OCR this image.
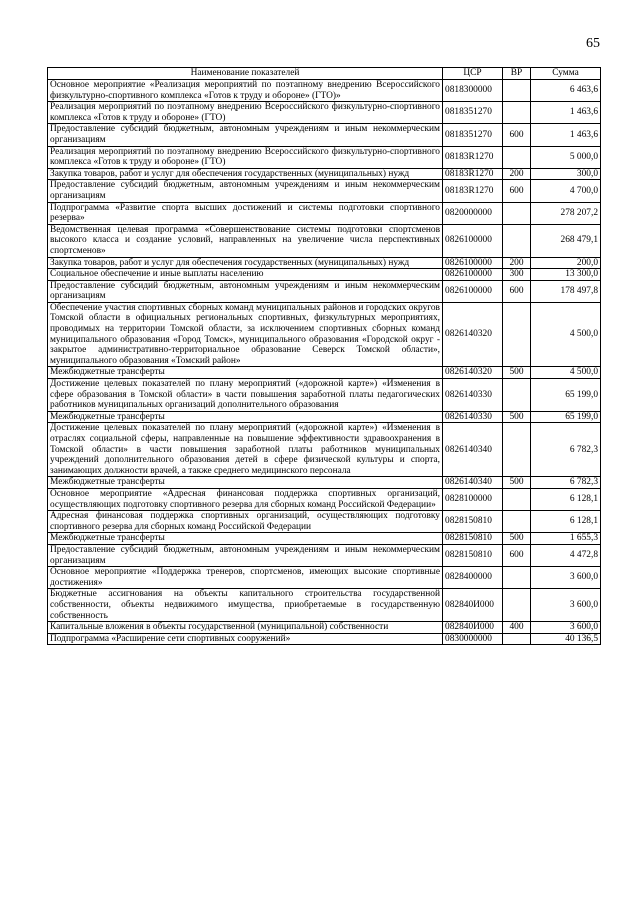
65
Наименование показателей	ЦСР	ВР	Сумма
Основное мероприятие «Реализация мероприятий по поэтапному внедрению Всероссийского физкультурно-спортивного комплекса «Готов к труду и обороне» (ГТО)»	0818300000		6 463,6
Реализация мероприятий по поэтапному внедрению Всероссийского физкультурно-спортивного комплекса «Готов к труду и обороне» (ГТО)	0818351270		1 463,6
Предоставление субсидий бюджетным, автономным учреждениям и иным некоммерческим организациям	0818351270	600	1 463,6
Реализация мероприятий по поэтапному внедрению Всероссийского физкультурно-спортивного комплекса «Готов к труду и обороне» (ГТО)	08183R1270		5 000,0
Закупка товаров, работ и услуг для обеспечения государственных (муниципальных) нужд	08183R1270	200	300,0
Предоставление субсидий бюджетным, автономным учреждениям и иным некоммерческим организациям	08183R1270	600	4 700,0
Подпрограмма «Развитие спорта высших достижений и системы подготовки спортивного резерва»	0820000000		278 207,2
Ведомственная целевая программа «Совершенствование системы подготовки спортсменов высокого класса и создание условий, направленных на увеличение числа перспективных спортсменов»	0826100000		268 479,1
Закупка товаров, работ и услуг для обеспечения государственных (муниципальных) нужд	0826100000	200	200,0
Социальное обеспечение и иные выплаты населению	0826100000	300	13 300,0
Предоставление субсидий бюджетным, автономным учреждениям и иным некоммерческим организациям	0826100000	600	178 497,8
Обеспечение участия спортивных сборных команд муниципальных районов и городских округов Томской области в официальных региональных спортивных, физкультурных мероприятиях, проводимых на территории Томской области, за исключением спортивных сборных команд муниципального образования «Город Томск», муниципального образования «Городской округ - закрытое административно-территориальное образование Северск Томской области», муниципального образования «Томский район»	0826140320		4 500,0
Межбюджетные трансферты	0826140320	500	4 500,0
Достижение целевых показателей по плану мероприятий («дорожной карте») «Изменения в сфере образования в Томской области» в части повышения заработной платы педагогических работников муниципальных организаций дополнительного образования	0826140330		65 199,0
Межбюджетные трансферты	0826140330	500	65 199,0
Достижение целевых показателей по плану мероприятий («дорожной карте») «Изменения в отраслях социальной сферы, направленные на повышение эффективности здравоохранения в Томской области» в части повышения заработной платы работников муниципальных учреждений дополнительного образования детей в сфере физической культуры и спорта, занимающих должности врачей, а также среднего медицинского персонала	0826140340		6 782,3
Межбюджетные трансферты	0826140340	500	6 782,3
Основное мероприятие «Адресная финансовая поддержка спортивных организаций, осуществляющих подготовку спортивного резерва для сборных команд Российской Федерации»	0828100000		6 128,1
Адресная финансовая поддержка спортивных организаций, осуществляющих подготовку спортивного резерва для сборных команд Российской Федерации	0828150810		6 128,1
Межбюджетные трансферты	0828150810	500	1 655,3
Предоставление субсидий бюджетным, автономным учреждениям и иным некоммерческим организациям	0828150810	600	4 472,8
Основное мероприятие «Поддержка тренеров, спортсменов, имеющих высокие спортивные достижения»	0828400000		3 600,0
Бюджетные ассигнования на объекты капитального строительства государственной собственности, объекты недвижимого имущества, приобретаемые в государственную собственность	082840И000		3 600,0
Капитальные вложения в объекты государственной (муниципальной) собственности	082840И000	400	3 600,0
Подпрограмма «Расширение сети спортивных сооружений»	0830000000		40 136,5
